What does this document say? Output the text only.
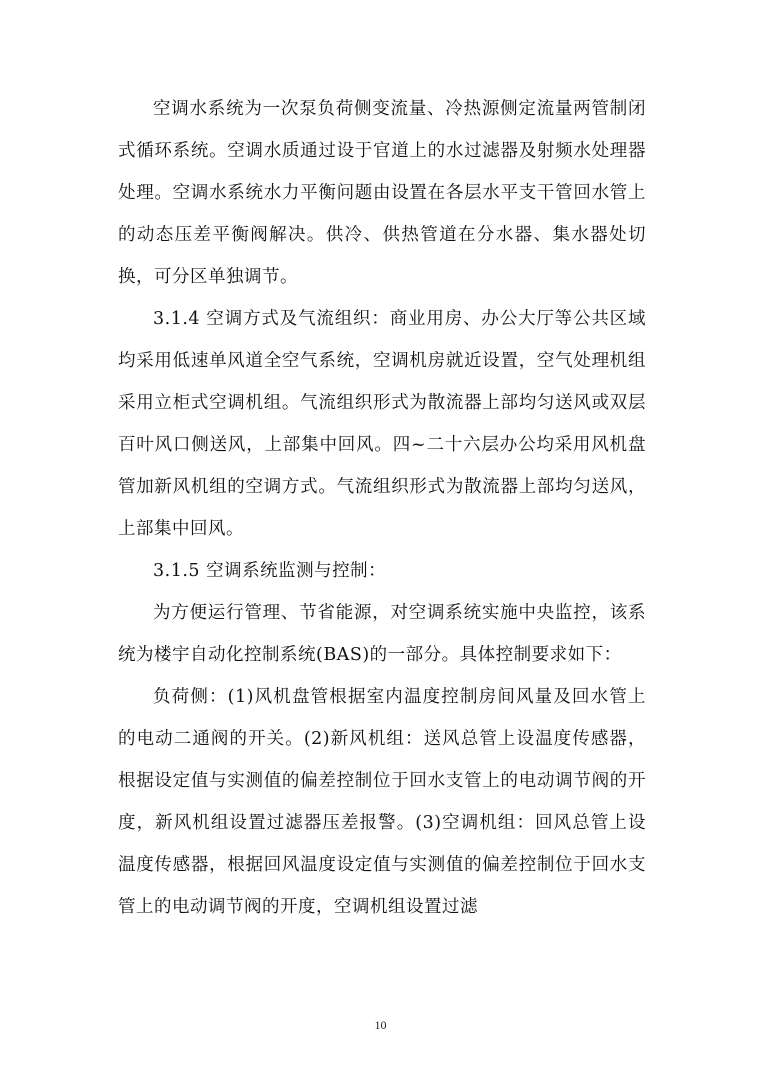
空调水系统为一次泵负荷侧变流量、冷热源侧定流量两管制闭式循环系统。空调水质通过设于官道上的水过滤器及射频水处理器处理。空调水系统水力平衡问题由设置在各层水平支干管回水管上的动态压差平衡阀解决。供冷、供热管道在分水器、集水器处切换，可分区单独调节。

3.1.4 空调方式及气流组织：商业用房、办公大厅等公共区域均采用低速单风道全空气系统，空调机房就近设置，空气处理机组采用立柜式空调机组。气流组织形式为散流器上部均匀送风或双层百叶风口侧送风，上部集中回风。四~二十六层办公均采用风机盘管加新风机组的空调方式。气流组织形式为散流器上部均匀送风，上部集中回风。

3.1.5 空调系统监测与控制：

为方便运行管理、节省能源，对空调系统实施中央监控，该系统为楼宇自动化控制系统(BAS)的一部分。具体控制要求如下：

负荷侧：(1)风机盘管根据室内温度控制房间风量及回水管上的电动二通阀的开关。(2)新风机组：送风总管上设温度传感器，根据设定值与实测值的偏差控制位于回水支管上的电动调节阀的开度，新风机组设置过滤器压差报警。(3)空调机组：回风总管上设温度传感器，根据回风温度设定值与实测值的偏差控制位于回水支管上的电动调节阀的开度，空调机组设置过滤

10
